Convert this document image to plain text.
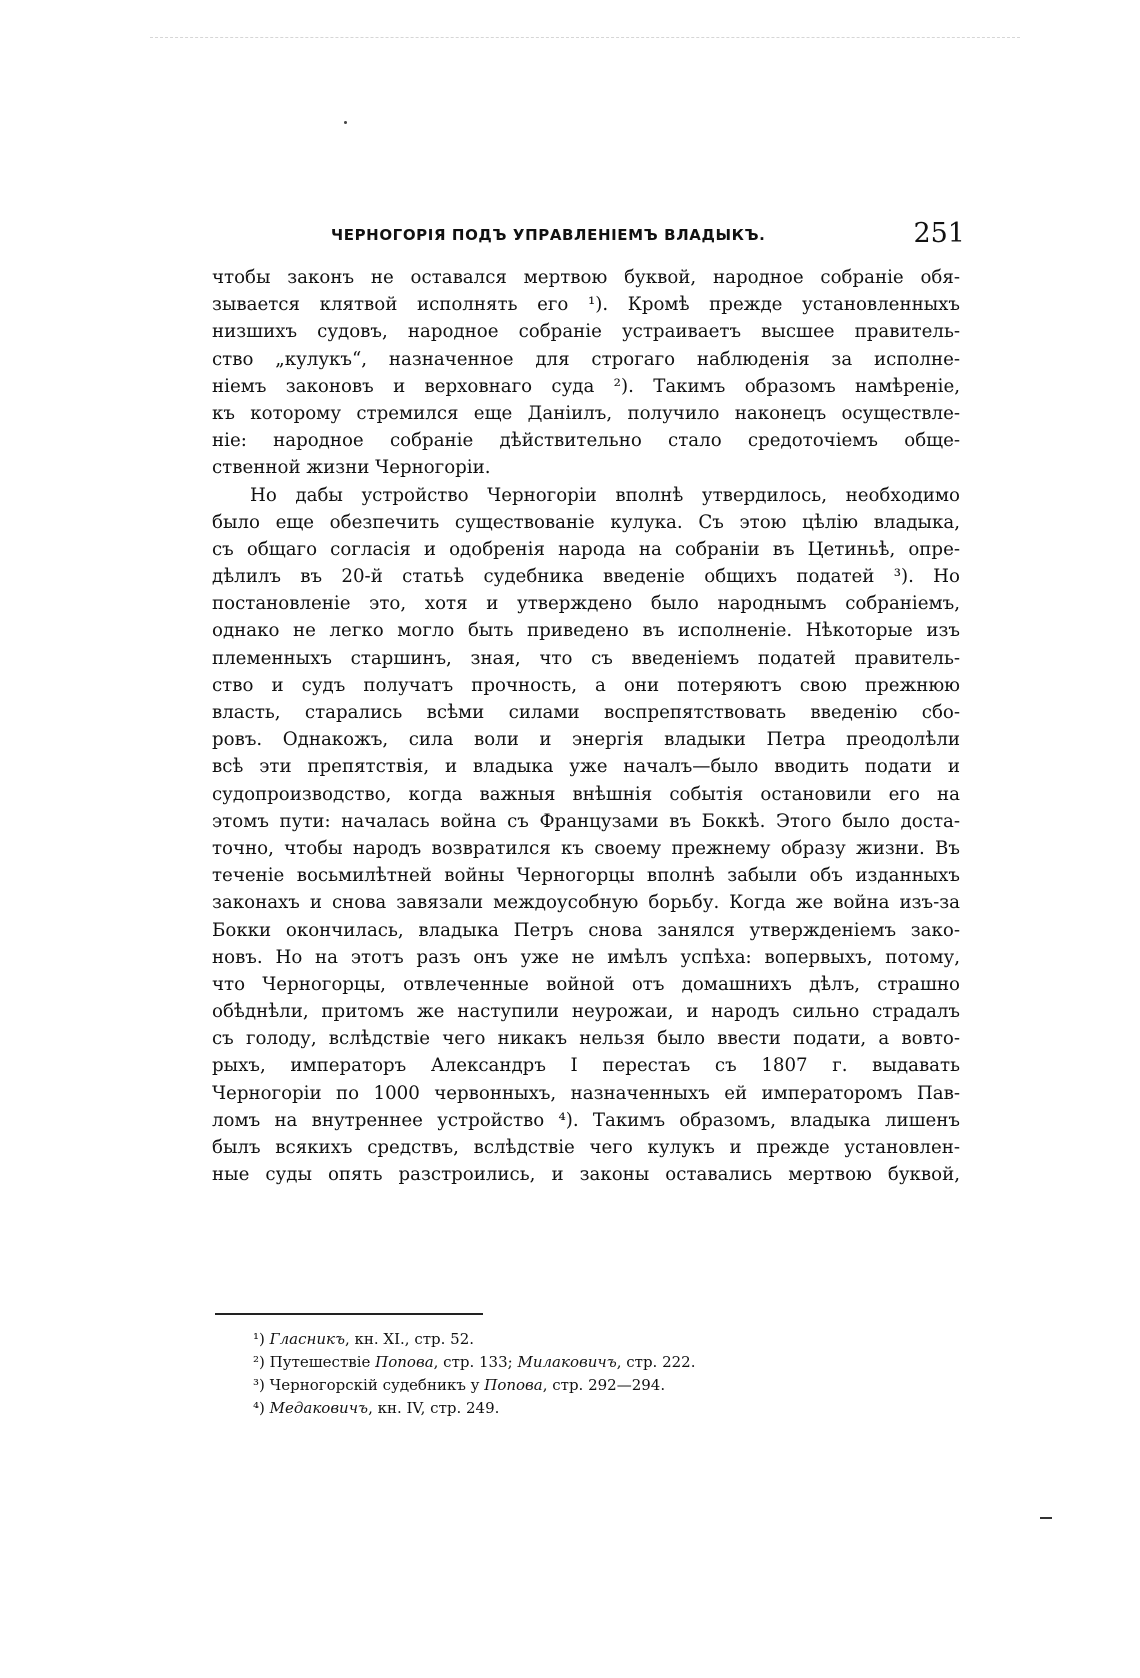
ЧЕРНОГОРІЯ ПОДЪ УПРАВЛЕНІЕМЪ ВЛАДЫКЪ.	251
чтобы законъ не оставался мертвою буквой, народное собраніе обя-
зывается клятвой исполнять его ¹). Кромѣ прежде установленныхъ
низшихъ судовъ, народное собраніе устраиваетъ высшее правитель-
ство „кулукъ“, назначенное для строгаго наблюденія за исполне-
ніемъ законовъ и верховнаго суда ²). Такимъ образомъ намѣреніе,
къ которому стремился еще Даніилъ, получило наконецъ осуществле-
ніе: народное собраніе дѣйствительно стало средоточіемъ обще-
ственной жизни Черногоріи.
Но дабы устройство Черногоріи вполнѣ утвердилось, необходимо
было еще обезпечить существованіе кулука. Съ этою цѣлію владыка,
съ общаго согласія и одобренія народа на собраніи въ Цетиньѣ, опре-
дѣлилъ въ 20-й статьѣ судебника введеніе общихъ податей ³). Но
постановленіе это, хотя и утверждено было народнымъ собраніемъ,
однако не легко могло быть приведено въ исполненіе. Нѣкоторые изъ
племенныхъ старшинъ, зная, что съ введеніемъ податей правитель-
ство и судъ получатъ прочность, а они потеряютъ свою прежнюю
власть, старались всѣми силами воспрепятствовать введенію сбо-
ровъ. Однакожъ, сила воли и энергія владыки Петра преодолѣли
всѣ эти препятствія, и владыка уже началъ—было вводить подати и
судопроизводство, когда важныя внѣшнія событія остановили его на
этомъ пути: началась война съ Французами въ Боккѣ. Этого было доста-
точно, чтобы народъ возвратился къ своему прежнему образу жизни. Въ
теченіе восьмилѣтней войны Черногорцы вполнѣ забыли объ изданныхъ
законахъ и снова завязали междоусобную борьбу. Когда же война изъ-за
Бокки окончилась, владыка Петръ снова занялся утвержденіемъ зако-
новъ. Но на этотъ разъ онъ уже не имѣлъ успѣха: вопервыхъ, потому,
что Черногорцы, отвлеченные войной отъ домашнихъ дѣлъ, страшно
обѣднѣли, притомъ же наступили неурожаи, и народъ сильно страдалъ
съ голоду, вслѣдствіе чего никакъ нельзя было ввести подати, а вовто-
рыхъ, императоръ Александръ I перестаъ съ 1807 г. выдавать
Черногоріи по 1000 червонныхъ, назначенныхъ ей императоромъ Пав-
ломъ на внутреннее устройство ⁴). Такимъ образомъ, владыка лишенъ
былъ всякихъ средствъ, вслѣдствіе чего кулукъ и прежде установлен-
ные суды опять разстроились, и законы оставались мертвою буквой,
¹) Гласникъ, кн. XI., стр. 52.
²) Путешествіе Попова, стр. 133; Милаковичъ, стр. 222.
³) Черногорскій судебникъ у Попова, стр. 292—294.
⁴) Медаковичъ, кн. IV, стр. 249.
